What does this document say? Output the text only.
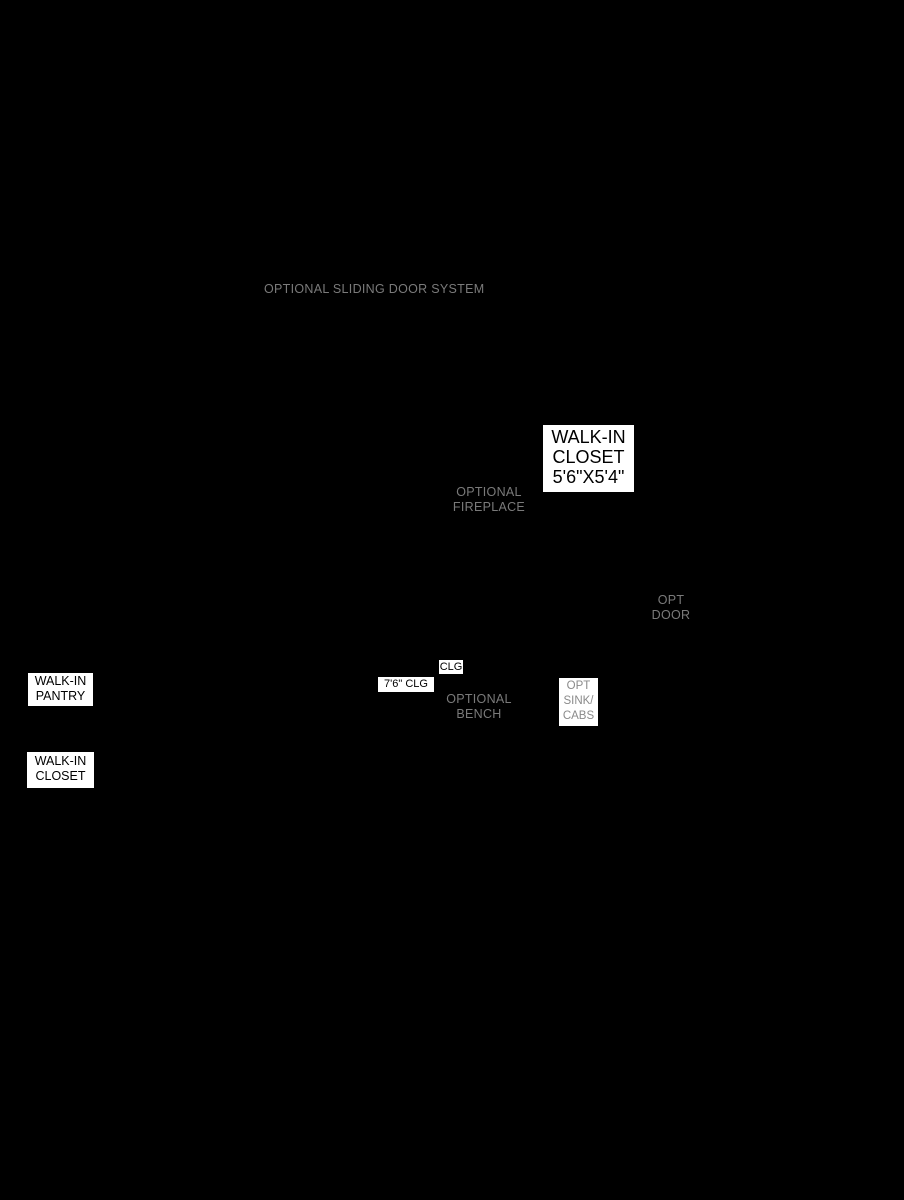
OPTIONAL SLIDING DOOR SYSTEM
OPTIONAL
FIREPLACE
WALK-IN
CLOSET
5'6"X5'4"
OPT
DOOR
CLG
7'6" CLG
OPTIONAL
BENCH
OPT
SINK/
CABS
WALK-IN
PANTRY
WALK-IN
CLOSET
